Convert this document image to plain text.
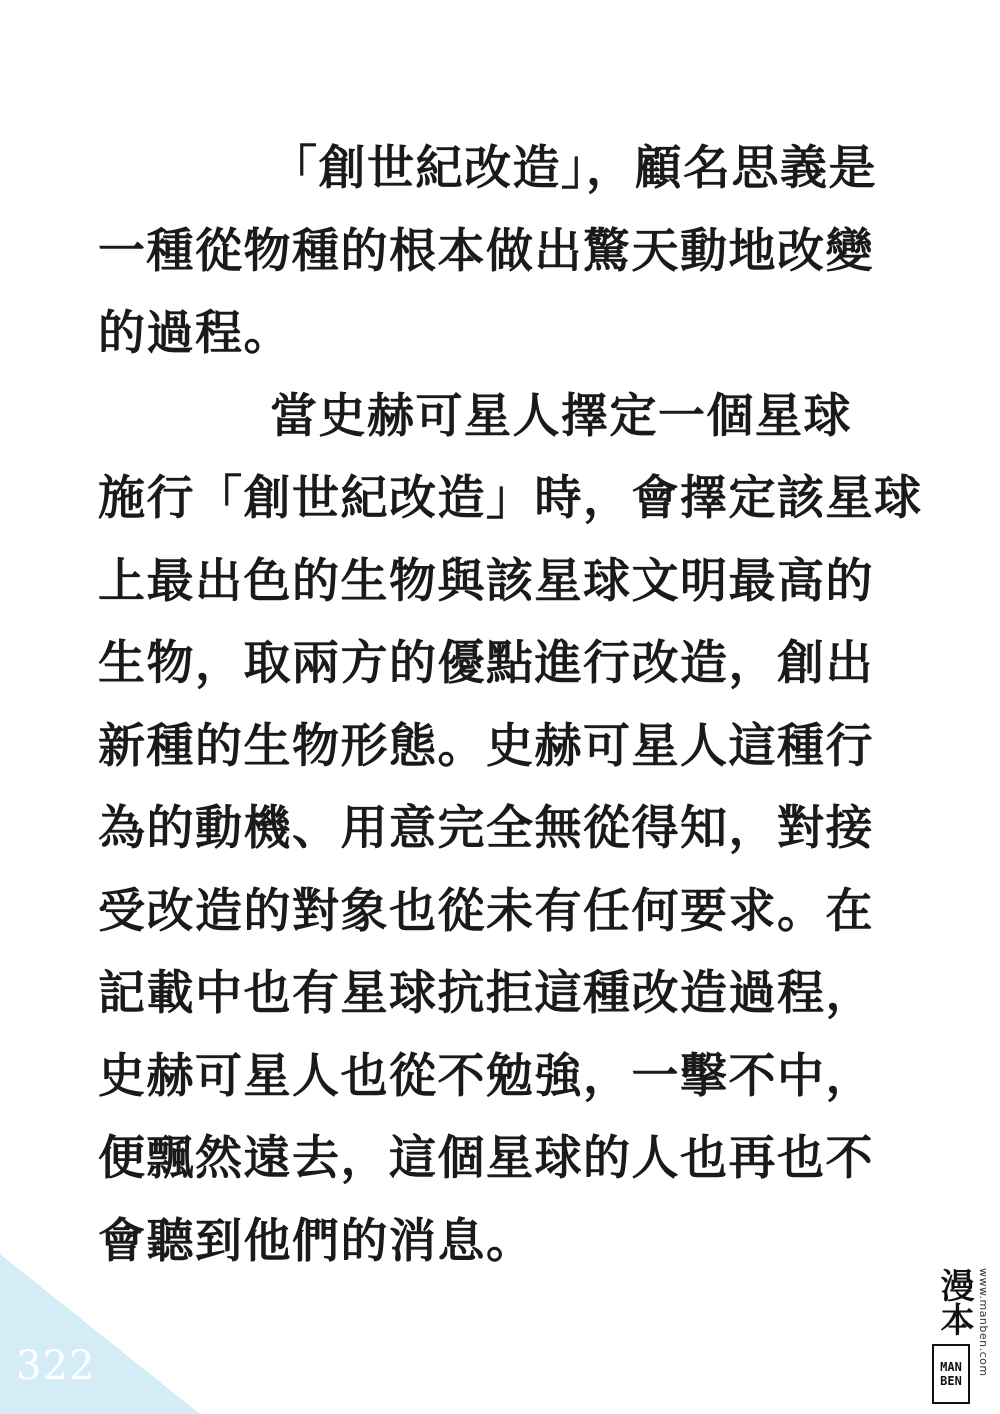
「創世紀改造」，顧名思義是
一種從物種的根本做出驚天動地改變
的過程。
當史赫可星人擇定一個星球
施行「創世紀改造」時，會擇定該星球
上最出色的生物與該星球文明最高的
生物，取兩方的優點進行改造，創出
新種的生物形態。史赫可星人這種行
為的動機、用意完全無從得知，對接
受改造的對象也從未有任何要求。在
記載中也有星球抗拒這種改造過程，
史赫可星人也從不勉強，一擊不中，
便飄然遠去，這個星球的人也再也不
會聽到他們的消息。
322
漫本 www.manben.com
MAN
BEN
